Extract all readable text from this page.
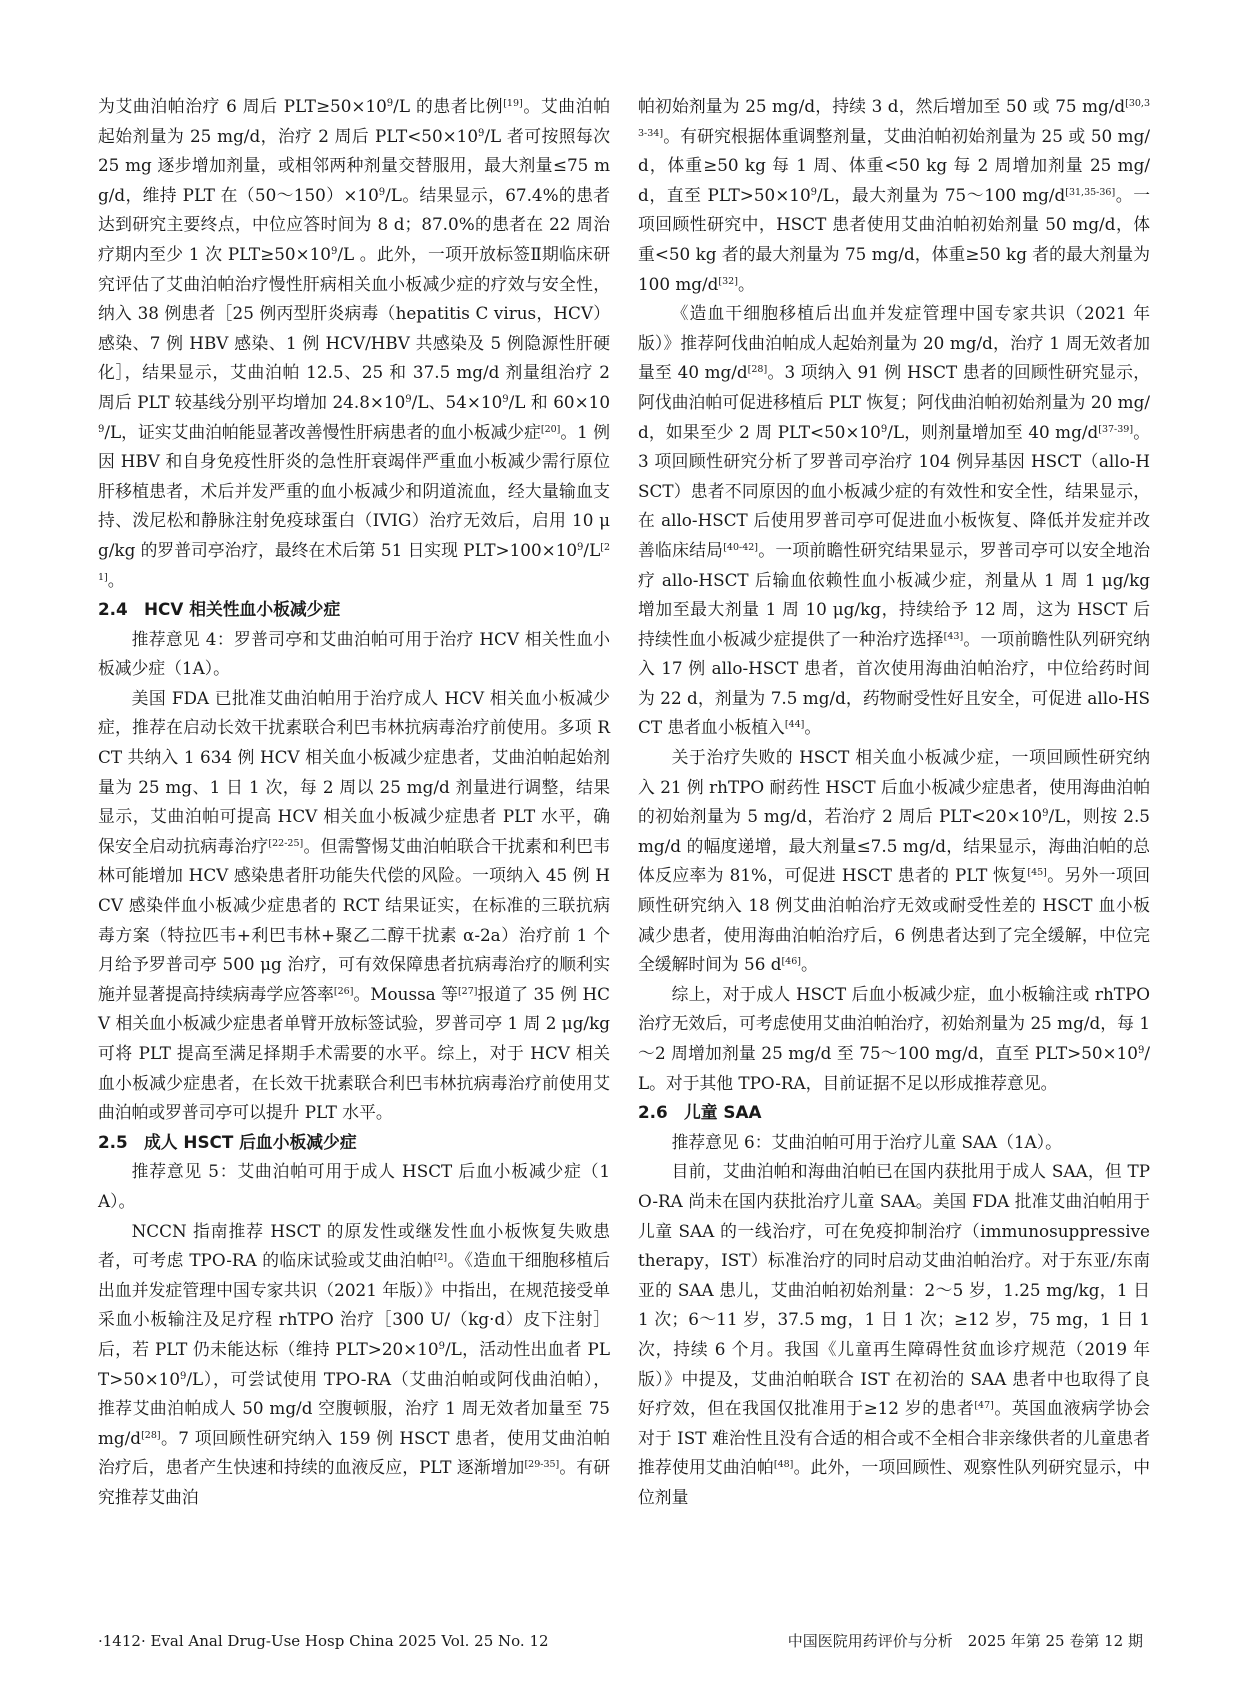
为艾曲泊帕治疗 6 周后 $PLT\ge 50\times 10^9/L$ 的患者比例[19]。艾曲泊帕起始剂量为 25 mg/d，治疗 2 周后 $PLT<50\times 10^9/L$ 者可按照每次 25 mg 逐步增加剂量，或相邻两种剂量交替服用，最大剂量≤75 mg/d，维持 PLT 在$(50\sim 150)\times 10^9/L$。结果显示，67.4%的患者达到研究主要终点，中位应答时间为 8 d；87.0%的患者在 22 周治疗期内至少 1 次 $PLT\ge 50\times 10^9/L$ 。此外，一项开放标签Ⅱ期临床研究评估了艾曲泊帕治疗慢性肝病相关血小板减少症的疗效与安全性，纳入 38 例患者［25 例丙型肝炎病毒（hepatitis C virus，HCV）感染、7 例 HBV 感染、1 例 HCV/HBV 共感染及 5 例隐源性肝硬化］，结果显示，艾曲泊帕 12.5、25 和 37.5 mg/d 剂量组治疗 2 周后 PLT 较基线分别平均增加 $24.8\times 10^9/L$、$54\times 10^9/L$ 和 $60\times 10^9/L$，证实艾曲泊帕能显著改善慢性肝病患者的血小板减少症[20]。1 例因 HBV 和自身免疫性肝炎的急性肝衰竭伴严重血小板减少需行原位肝移植患者，术后并发严重的血小板减少和阴道流血，经大量输血支持、泼尼松和静脉注射免疫球蛋白（IVIG）治疗无效后，启用 10 μg/kg 的罗普司亭治疗，最终在术后第 51 日实现 $PLT>100\times 10^9/L[21]$。

2.4 HCV 相关性血小板减少症

推荐意见 4：罗普司亭和艾曲泊帕可用于治疗 HCV 相关性血小板减少症（1A）。

美国 FDA 已批准艾曲泊帕用于治疗成人 HCV 相关血小板减少症，推荐在启动长效干扰素联合利巴韦林抗病毒治疗前使用。多项 RCT 共纳入 1 634 例 HCV 相关血小板减少症患者，艾曲泊帕起始剂量为 25 mg、1 日 1 次，每 2 周以 25 mg/d 剂量进行调整，结果显示，艾曲泊帕可提高 HCV 相关血小板减少症患者 PLT 水平，确保安全启动抗病毒治疗[22-25]。但需警惕艾曲泊帕联合干扰素和利巴韦林可能增加 HCV 感染患者肝功能失代偿的风险。一项纳入 45 例 HCV 感染伴血小板减少症患者的 RCT 结果证实，在标准的三联抗病毒方案（特拉匹韦+利巴韦林+聚乙二醇干扰素 α-2a）治疗前 1 个月给予罗普司亭 500 μg 治疗，可有效保障患者抗病毒治疗的顺利实施并显著提高持续病毒学应答率[26]。Moussa 等[27]报道了 35 例 HCV 相关血小板减少症患者单臂开放标签试验，罗普司亭 1 周 2 μg/kg 可将 PLT 提高至满足择期手术需要的水平。综上，对于 HCV 相关血小板减少症患者，在长效干扰素联合利巴韦林抗病毒治疗前使用艾曲泊帕或罗普司亭可以提升 PLT 水平。

2.5 成人 HSCT 后血小板减少症

推荐意见 5：艾曲泊帕可用于成人 HSCT 后血小板减少症（1A）。

NCCN 指南推荐 HSCT 的原发性或继发性血小板恢复失败患者，可考虑 TPO-RA 的临床试验或艾曲泊帕[2]。《造血干细胞移植后出血并发症管理中国专家共识（2021 年版）》中指出，在规范接受单采血小板输注及足疗程 rhTPO 治疗［300 U/（kg·d）皮下注射］后，若 PLT 仍未能达标（维持 $PLT>20\times 10^9/L$，活动性出血者 $PLT>50\times 10^9/L$），可尝试使用 TPO-RA（艾曲泊帕或阿伐曲泊帕），推荐艾曲泊帕成人 50 mg/d 空腹顿服，治疗 1 周无效者加量至 75 mg/d[28]。7 项回顾性研究纳入 159 例 HSCT 患者，使用艾曲泊帕治疗后，患者产生快速和持续的血液反应，PLT 逐渐增加[29-35]。有研究推荐艾曲泊

帕初始剂量为 25 mg/d，持续 3 d，然后增加至 50 或 75 mg/d[30,33-34]。有研究根据体重调整剂量，艾曲泊帕初始剂量为 25 或 50 mg/d，体重≥50 kg 每 1 周、体重<50 kg 每 2 周增加剂量 25 mg/d，直至 $PLT>50\times 10^9/L$，最大剂量为 75～100 mg/d[31,35-36]。一项回顾性研究中，HSCT 患者使用艾曲泊帕初始剂量 50 mg/d，体重<50 kg 者的最大剂量为 75 mg/d，体重≥50 kg 者的最大剂量为 100 mg/d[32]。

《造血干细胞移植后出血并发症管理中国专家共识（2021 年版）》推荐阿伐曲泊帕成人起始剂量为 20 mg/d，治疗 1 周无效者加量至 40 mg/d[28]。3 项纳入 91 例 HSCT 患者的回顾性研究显示，阿伐曲泊帕可促进移植后 PLT 恢复；阿伐曲泊帕初始剂量为 20 mg/d，如果至少 2 周 $PLT<50\times 10^9/L$，则剂量增加至 40 mg/d[37-39]。3 项回顾性研究分析了罗普司亭治疗 104 例异基因 HSCT（allo-HSCT）患者不同原因的血小板减少症的有效性和安全性，结果显示，在 allo-HSCT 后使用罗普司亭可促进血小板恢复、降低并发症并改善临床结局[40-42]。一项前瞻性研究结果显示，罗普司亭可以安全地治疗 allo-HSCT 后输血依赖性血小板减少症，剂量从 1 周 1 μg/kg 增加至最大剂量 1 周 10 μg/kg，持续给予 12 周，这为 HSCT 后持续性血小板减少症提供了一种治疗选择[43]。一项前瞻性队列研究纳入 17 例 allo-HSCT 患者，首次使用海曲泊帕治疗，中位给药时间为 22 d，剂量为 7.5 mg/d，药物耐受性好且安全，可促进 allo-HSCT 患者血小板植入[44]。

关于治疗失败的 HSCT 相关血小板减少症，一项回顾性研究纳入 21 例 rhTPO 耐药性 HSCT 后血小板减少症患者，使用海曲泊帕的初始剂量为 5 mg/d，若治疗 2 周后 $PLT<20\times 10^9/L$，则按 2.5 mg/d 的幅度递增，最大剂量≤7.5 mg/d，结果显示，海曲泊帕的总体反应率为 81%，可促进 HSCT 患者的 PLT 恢复[45]。另外一项回顾性研究纳入 18 例艾曲泊帕治疗无效或耐受性差的 HSCT 血小板减少患者，使用海曲泊帕治疗后，6 例患者达到了完全缓解，中位完全缓解时间为 56 d[46]。

综上，对于成人 HSCT 后血小板减少症，血小板输注或 rhTPO 治疗无效后，可考虑使用艾曲泊帕治疗，初始剂量为 25 mg/d，每 1～2 周增加剂量 25 mg/d 至 75～100 mg/d，直至 $PLT>50\times 10^9/L$。对于其他 TPO-RA，目前证据不足以形成推荐意见。

2.6 儿童 SAA

推荐意见 6：艾曲泊帕可用于治疗儿童 SAA（1A）。

目前，艾曲泊帕和海曲泊帕已在国内获批用于成人 SAA，但 TPO-RA 尚未在国内获批治疗儿童 SAA。美国 FDA 批准艾曲泊帕用于儿童 SAA 的一线治疗，可在免疫抑制治疗（immunosuppressive therapy，IST）标准治疗的同时启动艾曲泊帕治疗。对于东亚/东南亚的 SAA 患儿，艾曲泊帕初始剂量：2～5 岁，1.25 mg/kg，1 日 1 次；6～11 岁，37.5 mg，1 日 1 次；≥12 岁，75 mg，1 日 1 次，持续 6 个月。我国《儿童再生障碍性贫血诊疗规范（2019 年版）》中提及，艾曲泊帕联合 IST 在初治的 SAA 患者中也取得了良好疗效，但在我国仅批准用于≥12 岁的患者[47]。英国血液病学协会对于 IST 难治性且没有合适的相合或不全相合非亲缘供者的儿童患者推荐使用艾曲泊帕[48]。此外，一项回顾性、观察性队列研究显示，中位剂量

·1412· Eval Anal Drug-Use Hosp China 2025 Vol. 25 No. 12	中国医院用药评价与分析　2025 年第 25 卷第 12 期
